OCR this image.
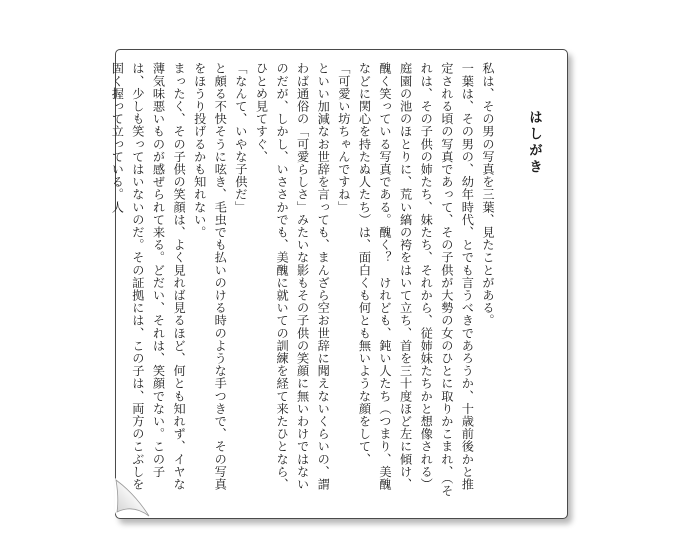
はしがき

私は、その男の写真を三葉、見たことがある。

一葉は、その男の、幼年時代、とでも言うべきであろうか、十歳前後かと推定される頃の写真であって、その子供が大勢の女のひとに取りかこまれ、（それは、その子供の姉たち、妹たち、それから、従姉妹たちかと想像される）庭園の池のほとりに、荒い縞の袴をはいて立ち、首を三十度ほど左に傾け、醜く笑っている写真である。醜く？　けれども、鈍い人たち（つまり、美醜などに関心を持たぬ人たち）は、面白くも何とも無いような顔をして、

「可愛い坊ちゃんですね」

といい加減なお世辞を言っても、まんざら空お世辞に聞えないくらいの、謂わば通俗の「可愛らしさ」みたいな影もその子供の笑顔に無いわけではないのだが、しかし、いささかでも、美醜に就いての訓練を経て来たひとなら、ひとめ見てすぐ、

「なんて、いやな子供だ」

と頗る不快そうに呟き、毛虫でも払いのける時のような手つきで、その写真をほうり投げるかも知れない。

まったく、その子供の笑顔は、よく見れば見るほど、何とも知れず、イヤな薄気味悪いものが感ぜられて来る。どだい、それは、笑顔でない。この子は、少しも笑ってはいないのだ。その証拠には、この子は、両方のこぶしを固く握って立っている。人
